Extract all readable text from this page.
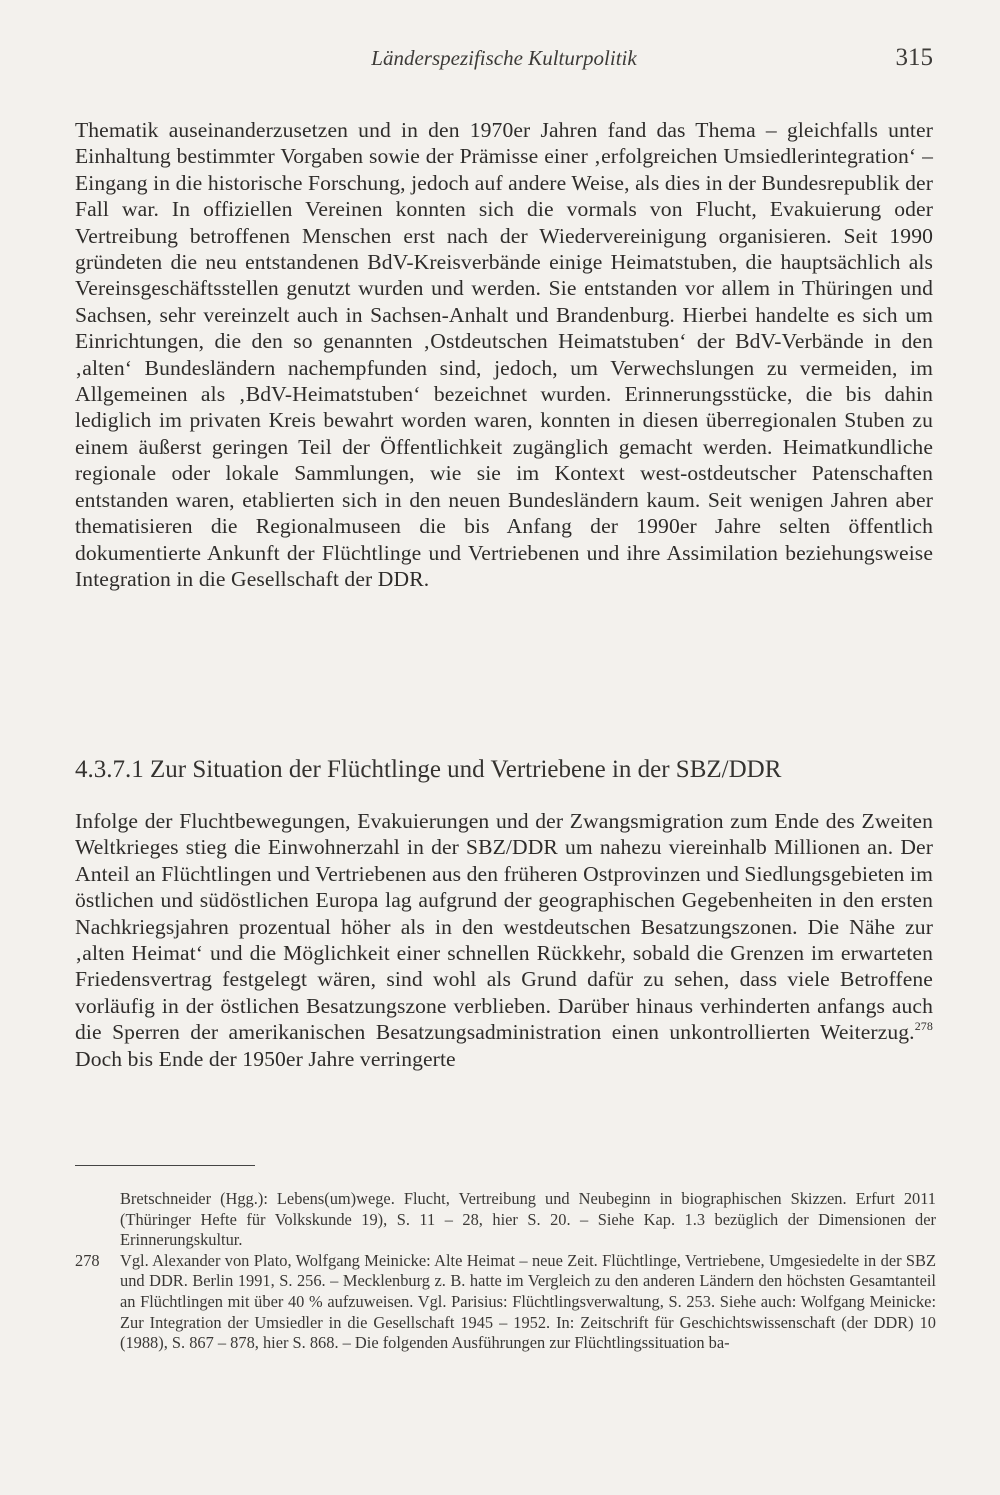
Länderspezifische Kulturpolitik	315

Thematik auseinanderzusetzen und in den 1970er Jahren fand das Thema – gleichfalls unter Einhaltung bestimmter Vorgaben sowie der Prämisse einer ‚erfolgreichen Umsiedlerintegration‘ – Eingang in die historische Forschung, jedoch auf andere Weise, als dies in der Bundesrepublik der Fall war. In offiziellen Vereinen konnten sich die vormals von Flucht, Evakuierung oder Vertreibung betroffenen Menschen erst nach der Wiedervereinigung organisieren. Seit 1990 gründeten die neu entstandenen BdV-Kreisverbände einige Heimatstuben, die hauptsächlich als Vereinsgeschäftsstellen genutzt wurden und werden. Sie entstanden vor allem in Thüringen und Sachsen, sehr vereinzelt auch in Sachsen-Anhalt und Brandenburg. Hierbei handelte es sich um Einrichtungen, die den so genannten ‚Ostdeutschen Heimatstuben‘ der BdV-Verbände in den ‚alten‘ Bundesländern nachempfunden sind, jedoch, um Verwechslungen zu vermeiden, im Allgemeinen als ‚BdV-Heimatstuben‘ bezeichnet wurden. Erinnerungsstücke, die bis dahin lediglich im privaten Kreis bewahrt worden waren, konnten in diesen überregionalen Stuben zu einem äußerst geringen Teil der Öffentlichkeit zugänglich gemacht werden. Heimatkundliche regionale oder lokale Sammlungen, wie sie im Kontext west-ostdeutscher Patenschaften entstanden waren, etablierten sich in den neuen Bundesländern kaum. Seit wenigen Jahren aber thematisieren die Regionalmuseen die bis Anfang der 1990er Jahre selten öffentlich dokumentierte Ankunft der Flüchtlinge und Vertriebenen und ihre Assimilation beziehungsweise Integration in die Gesellschaft der DDR.

4.3.7.1 Zur Situation der Flüchtlinge und Vertriebene in der SBZ/DDR

Infolge der Fluchtbewegungen, Evakuierungen und der Zwangsmigration zum Ende des Zweiten Weltkrieges stieg die Einwohnerzahl in der SBZ/DDR um nahezu viereinhalb Millionen an. Der Anteil an Flüchtlingen und Vertriebenen aus den früheren Ostprovinzen und Siedlungsgebieten im östlichen und südöstlichen Europa lag aufgrund der geographischen Gegebenheiten in den ersten Nachkriegsjahren prozentual höher als in den westdeutschen Besatzungszonen. Die Nähe zur ‚alten Heimat‘ und die Möglichkeit einer schnellen Rückkehr, sobald die Grenzen im erwarteten Friedensvertrag festgelegt wären, sind wohl als Grund dafür zu sehen, dass viele Betroffene vorläufig in der östlichen Besatzungszone verblieben. Darüber hinaus verhinderten anfangs auch die Sperren der amerikanischen Besatzungsadministration einen unkontrollierten Weiterzug.$^{278}$ Doch bis Ende der 1950er Jahre verringerte

Bretschneider (Hgg.): Lebens(um)wege. Flucht, Vertreibung und Neubeginn in biographischen Skizzen. Erfurt 2011 (Thüringer Hefte für Volkskunde 19), S. 11 – 28, hier S. 20. – Siehe Kap. 1.3 bezüglich der Dimensionen der Erinnerungskultur.

278 Vgl. Alexander von Plato, Wolfgang Meinicke: Alte Heimat – neue Zeit. Flüchtlinge, Vertriebene, Umgesiedelte in der SBZ und DDR. Berlin 1991, S. 256. – Mecklenburg z. B. hatte im Vergleich zu den anderen Ländern den höchsten Gesamtanteil an Flüchtlingen mit über 40 % aufzuweisen. Vgl. Parisius: Flüchtlingsverwaltung, S. 253. Siehe auch: Wolfgang Meinicke: Zur Integration der Umsiedler in die Gesellschaft 1945 – 1952. In: Zeitschrift für Geschichtswissenschaft (der DDR) 10 (1988), S. 867 – 878, hier S. 868. – Die folgenden Ausführungen zur Flüchtlingssituation ba-
